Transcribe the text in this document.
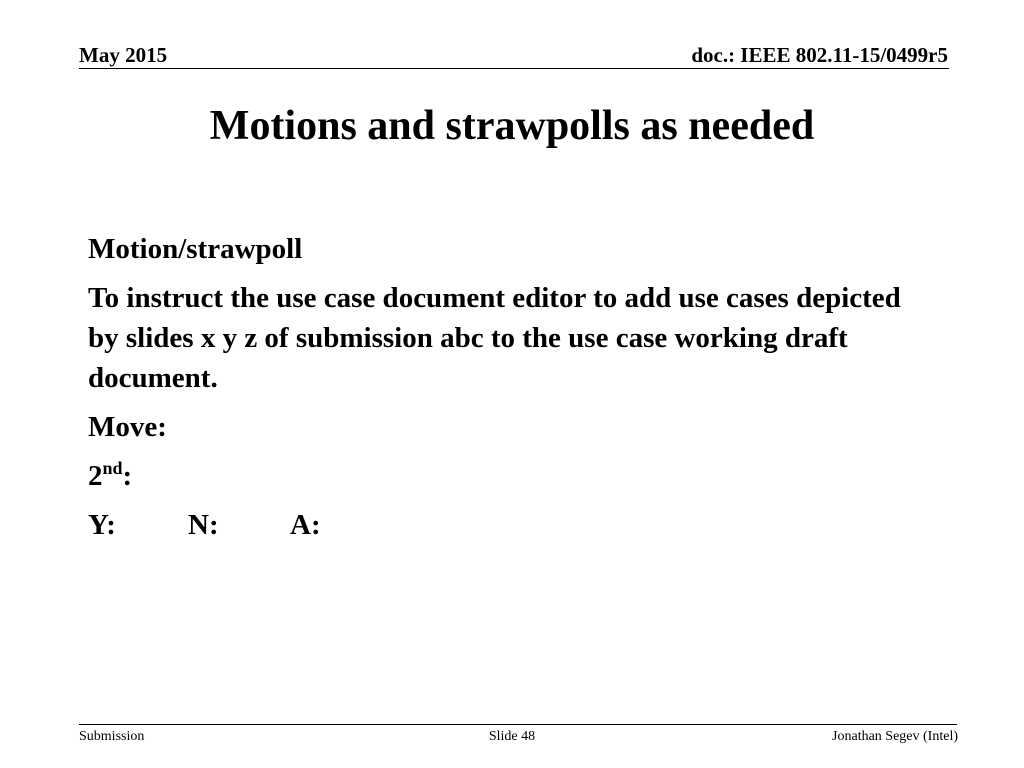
May 2015	doc.: IEEE 802.11-15/0499r5
Motions and strawpolls as needed

Motion/strawpoll

To instruct the use case document editor to add use cases depicted by slides x y z of submission abc to the use case working draft document.

Move:

2nd:

Y: N: A:

Submission	Slide 48	Jonathan Segev (Intel)
